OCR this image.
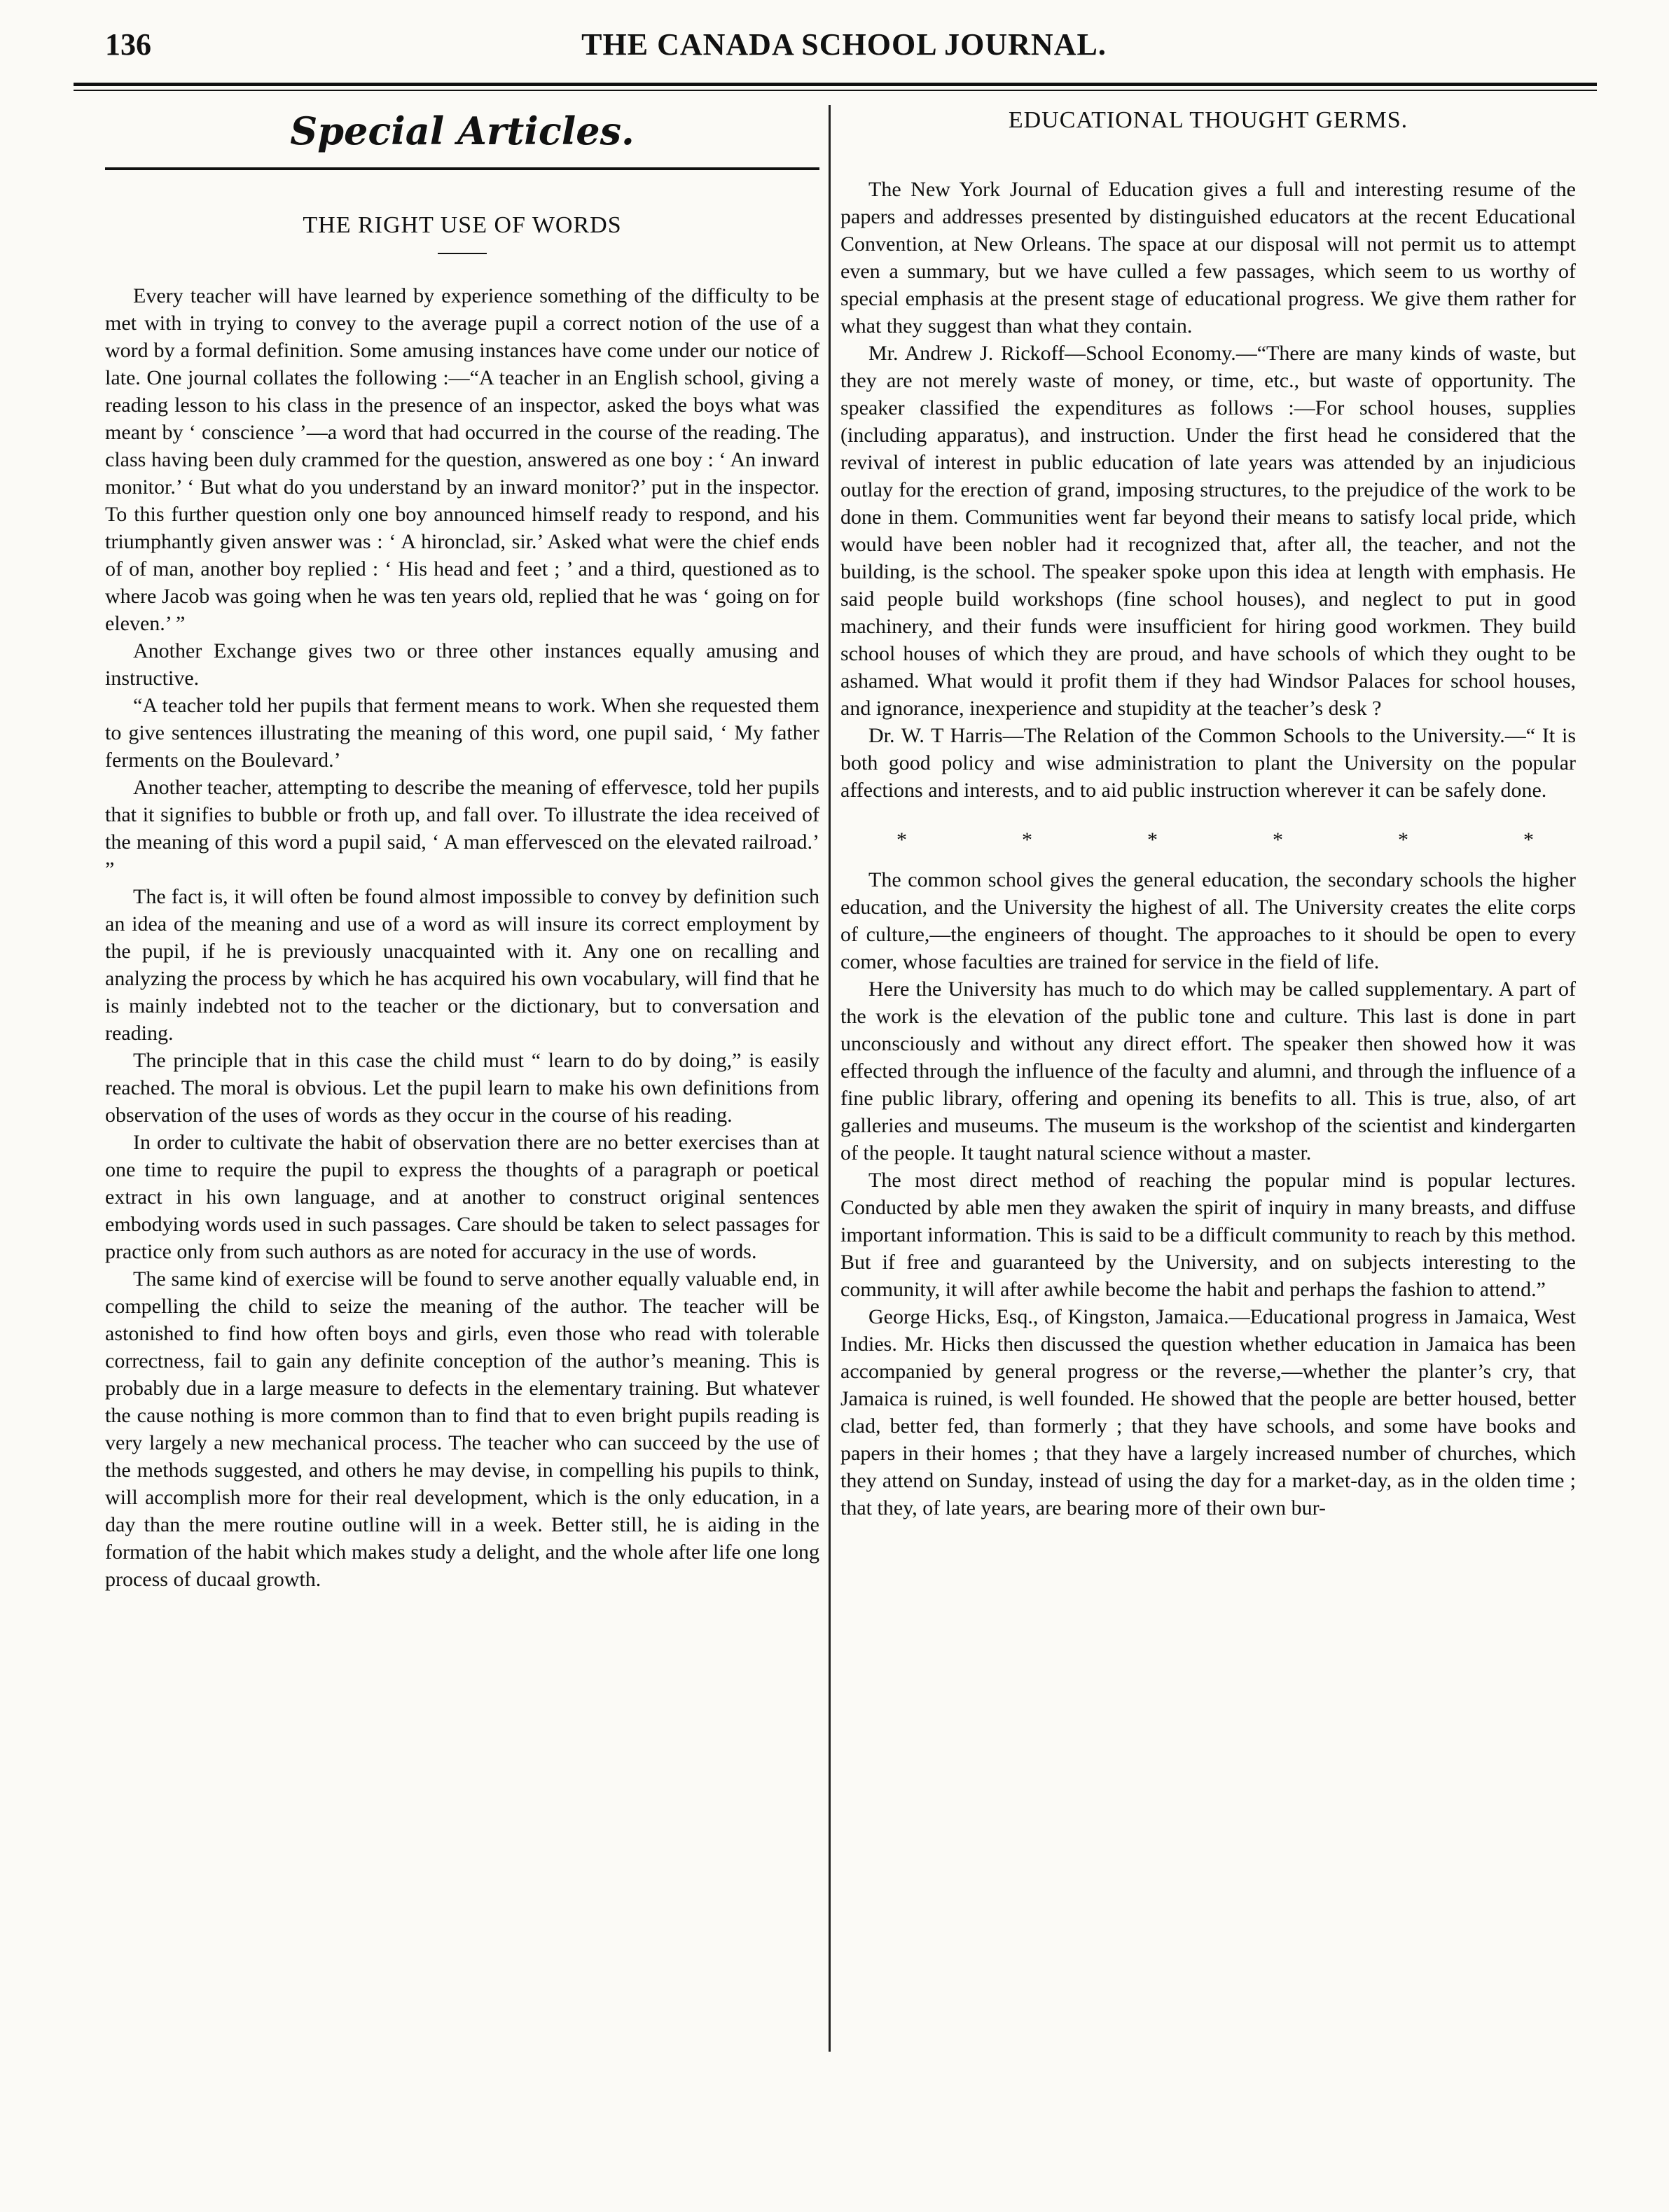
136	THE CANADA SCHOOL JOURNAL.
Special Articles.
THE RIGHT USE OF WORDS

Every teacher will have learned by experience something of the difficulty to be met with in trying to convey to the average pupil a correct notion of the use of a word by a formal definition. Some amusing instances have come under our notice of late. One journal collates the following :—“A teacher in an English school, giving a reading lesson to his class in the presence of an inspector, asked the boys what was meant by ‘ conscience ’—a word that had occurred in the course of the reading. The class having been duly crammed for the question, answered as one boy : ‘ An inward monitor.’ ‘ But what do you understand by an inward monitor?’ put in the inspector. To this further question only one boy announced himself ready to respond, and his triumphantly given answer was : ‘ A hironclad, sir.’ Asked what were the chief ends of of man, another boy replied : ‘ His head and feet ; ’ and a third, questioned as to where Jacob was going when he was ten years old, replied that he was ‘ going on for eleven.’ ”

Another Exchange gives two or three other instances equally amusing and instructive.

“A teacher told her pupils that ferment means to work. When she requested them to give sentences illustrating the meaning of this word, one pupil said, ‘ My father ferments on the Boulevard.’

Another teacher, attempting to describe the meaning of effervesce, told her pupils that it signifies to bubble or froth up, and fall over. To illustrate the idea received of the meaning of this word a pupil said, ‘ A man effervesced on the elevated railroad.’ ”

The fact is, it will often be found almost impossible to convey by definition such an idea of the meaning and use of a word as will insure its correct employment by the pupil, if he is previously unacquainted with it. Any one on recalling and analyzing the process by which he has acquired his own vocabulary, will find that he is mainly indebted not to the teacher or the dictionary, but to conversation and reading.

The principle that in this case the child must “ learn to do by doing,” is easily reached. The moral is obvious. Let the pupil learn to make his own definitions from observation of the uses of words as they occur in the course of his reading.

In order to cultivate the habit of observation there are no better exercises than at one time to require the pupil to express the thoughts of a paragraph or poetical extract in his own language, and at another to construct original sentences embodying words used in such passages. Care should be taken to select passages for practice only from such authors as are noted for accuracy in the use of words.

The same kind of exercise will be found to serve another equally valuable end, in compelling the child to seize the meaning of the author. The teacher will be astonished to find how often boys and girls, even those who read with tolerable correctness, fail to gain any definite conception of the author’s meaning. This is probably due in a large measure to defects in the elementary training. But whatever the cause nothing is more common than to find that to even bright pupils reading is very largely a new mechanical process. The teacher who can succeed by the use of the methods suggested, and others he may devise, in compelling his pupils to think, will accomplish more for their real development, which is the only education, in a day than the mere routine outline will in a week. Better still, he is aiding in the formation of the habit which makes study a delight, and the whole after life one long process of ducaal growth.

EDUCATIONAL THOUGHT GERMS.

The New York Journal of Education gives a full and interesting resume of the papers and addresses presented by distinguished educators at the recent Educational Convention, at New Orleans. The space at our disposal will not permit us to attempt even a summary, but we have culled a few passages, which seem to us worthy of special emphasis at the present stage of educational progress. We give them rather for what they suggest than what they contain.

Mr. Andrew J. Rickoff—School Economy.—“There are many kinds of waste, but they are not merely waste of money, or time, etc., but waste of opportunity. The speaker classified the expenditures as follows :—For school houses, supplies (including apparatus), and instruction. Under the first head he considered that the revival of interest in public education of late years was attended by an injudicious outlay for the erection of grand, imposing structures, to the prejudice of the work to be done in them. Communities went far beyond their means to satisfy local pride, which would have been nobler had it recognized that, after all, the teacher, and not the building, is the school. The speaker spoke upon this idea at length with emphasis. He said people build workshops (fine school houses), and neglect to put in good machinery, and their funds were insufficient for hiring good workmen. They build school houses of which they are proud, and have schools of which they ought to be ashamed. What would it profit them if they had Windsor Palaces for school houses, and ignorance, inexperience and stupidity at the teacher’s desk ?

Dr. W. T Harris—The Relation of the Common Schools to the University.—“ It is both good policy and wise administration to plant the University on the popular affections and interests, and to aid public instruction wherever it can be safely done.

*	*	*	*	*	*

The common school gives the general education, the secondary schools the higher education, and the University the highest of all. The University creates the elite corps of culture,—the engineers of thought. The approaches to it should be open to every comer, whose faculties are trained for service in the field of life.

Here the University has much to do which may be called supplementary. A part of the work is the elevation of the public tone and culture. This last is done in part unconsciously and without any direct effort. The speaker then showed how it was effected through the influence of the faculty and alumni, and through the influence of a fine public library, offering and opening its benefits to all. This is true, also, of art galleries and museums. The museum is the workshop of the scientist and kindergarten of the people. It taught natural science without a master.

The most direct method of reaching the popular mind is popular lectures. Conducted by able men they awaken the spirit of inquiry in many breasts, and diffuse important information. This is said to be a difficult community to reach by this method. But if free and guaranteed by the University, and on subjects interesting to the community, it will after awhile become the habit and perhaps the fashion to attend.”

George Hicks, Esq., of Kingston, Jamaica.—Educational progress in Jamaica, West Indies. Mr. Hicks then discussed the question whether education in Jamaica has been accompanied by general progress or the reverse,—whether the planter’s cry, that Jamaica is ruined, is well founded. He showed that the people are better housed, better clad, better fed, than formerly ; that they have schools, and some have books and papers in their homes ; that they have a largely increased number of churches, which they attend on Sunday, instead of using the day for a market-day, as in the olden time ; that they, of late years, are bearing more of their own bur-
